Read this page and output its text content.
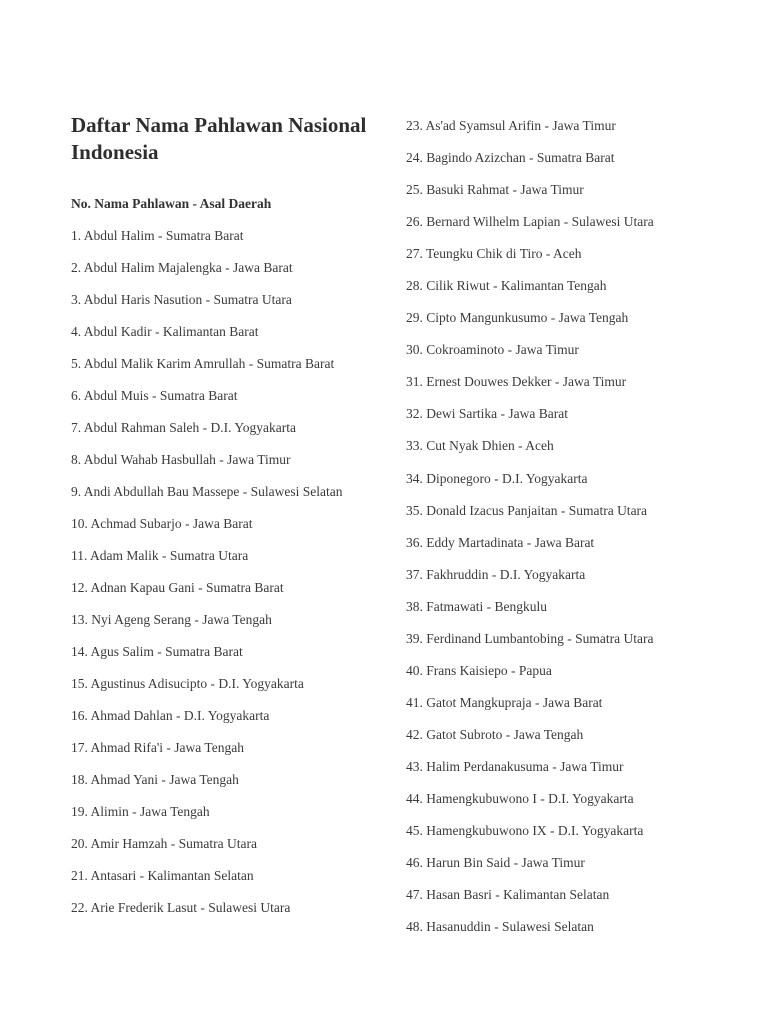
Daftar Nama Pahlawan Nasional Indonesia
No. Nama Pahlawan - Asal Daerah
1. Abdul Halim - Sumatra Barat
2. Abdul Halim Majalengka - Jawa Barat
3. Abdul Haris Nasution - Sumatra Utara
4. Abdul Kadir - Kalimantan Barat
5. Abdul Malik Karim Amrullah - Sumatra Barat
6. Abdul Muis - Sumatra Barat
7. Abdul Rahman Saleh - D.I. Yogyakarta
8. Abdul Wahab Hasbullah - Jawa Timur
9. Andi Abdullah Bau Massepe - Sulawesi Selatan
10. Achmad Subarjo - Jawa Barat
11. Adam Malik - Sumatra Utara
12. Adnan Kapau Gani - Sumatra Barat
13. Nyi Ageng Serang - Jawa Tengah
14. Agus Salim - Sumatra Barat
15. Agustinus Adisucipto - D.I. Yogyakarta
16. Ahmad Dahlan - D.I. Yogyakarta
17. Ahmad Rifa'i - Jawa Tengah
18. Ahmad Yani - Jawa Tengah
19. Alimin - Jawa Tengah
20. Amir Hamzah - Sumatra Utara
21. Antasari - Kalimantan Selatan
22. Arie Frederik Lasut - Sulawesi Utara
23. As'ad Syamsul Arifin - Jawa Timur
24. Bagindo Azizchan - Sumatra Barat
25. Basuki Rahmat - Jawa Timur
26. Bernard Wilhelm Lapian - Sulawesi Utara
27. Teungku Chik di Tiro - Aceh
28. Cilik Riwut - Kalimantan Tengah
29. Cipto Mangunkusumo - Jawa Tengah
30. Cokroaminoto - Jawa Timur
31. Ernest Douwes Dekker - Jawa Timur
32. Dewi Sartika - Jawa Barat
33. Cut Nyak Dhien - Aceh
34. Diponegoro - D.I. Yogyakarta
35. Donald Izacus Panjaitan - Sumatra Utara
36. Eddy Martadinata - Jawa Barat
37. Fakhruddin - D.I. Yogyakarta
38. Fatmawati - Bengkulu
39. Ferdinand Lumbantobing - Sumatra Utara
40. Frans Kaisiepo - Papua
41. Gatot Mangkupraja - Jawa Barat
42. Gatot Subroto - Jawa Tengah
43. Halim Perdanakusuma - Jawa Timur
44. Hamengkubuwono I - D.I. Yogyakarta
45. Hamengkubuwono IX - D.I. Yogyakarta
46. Harun Bin Said - Jawa Timur
47. Hasan Basri - Kalimantan Selatan
48. Hasanuddin - Sulawesi Selatan
